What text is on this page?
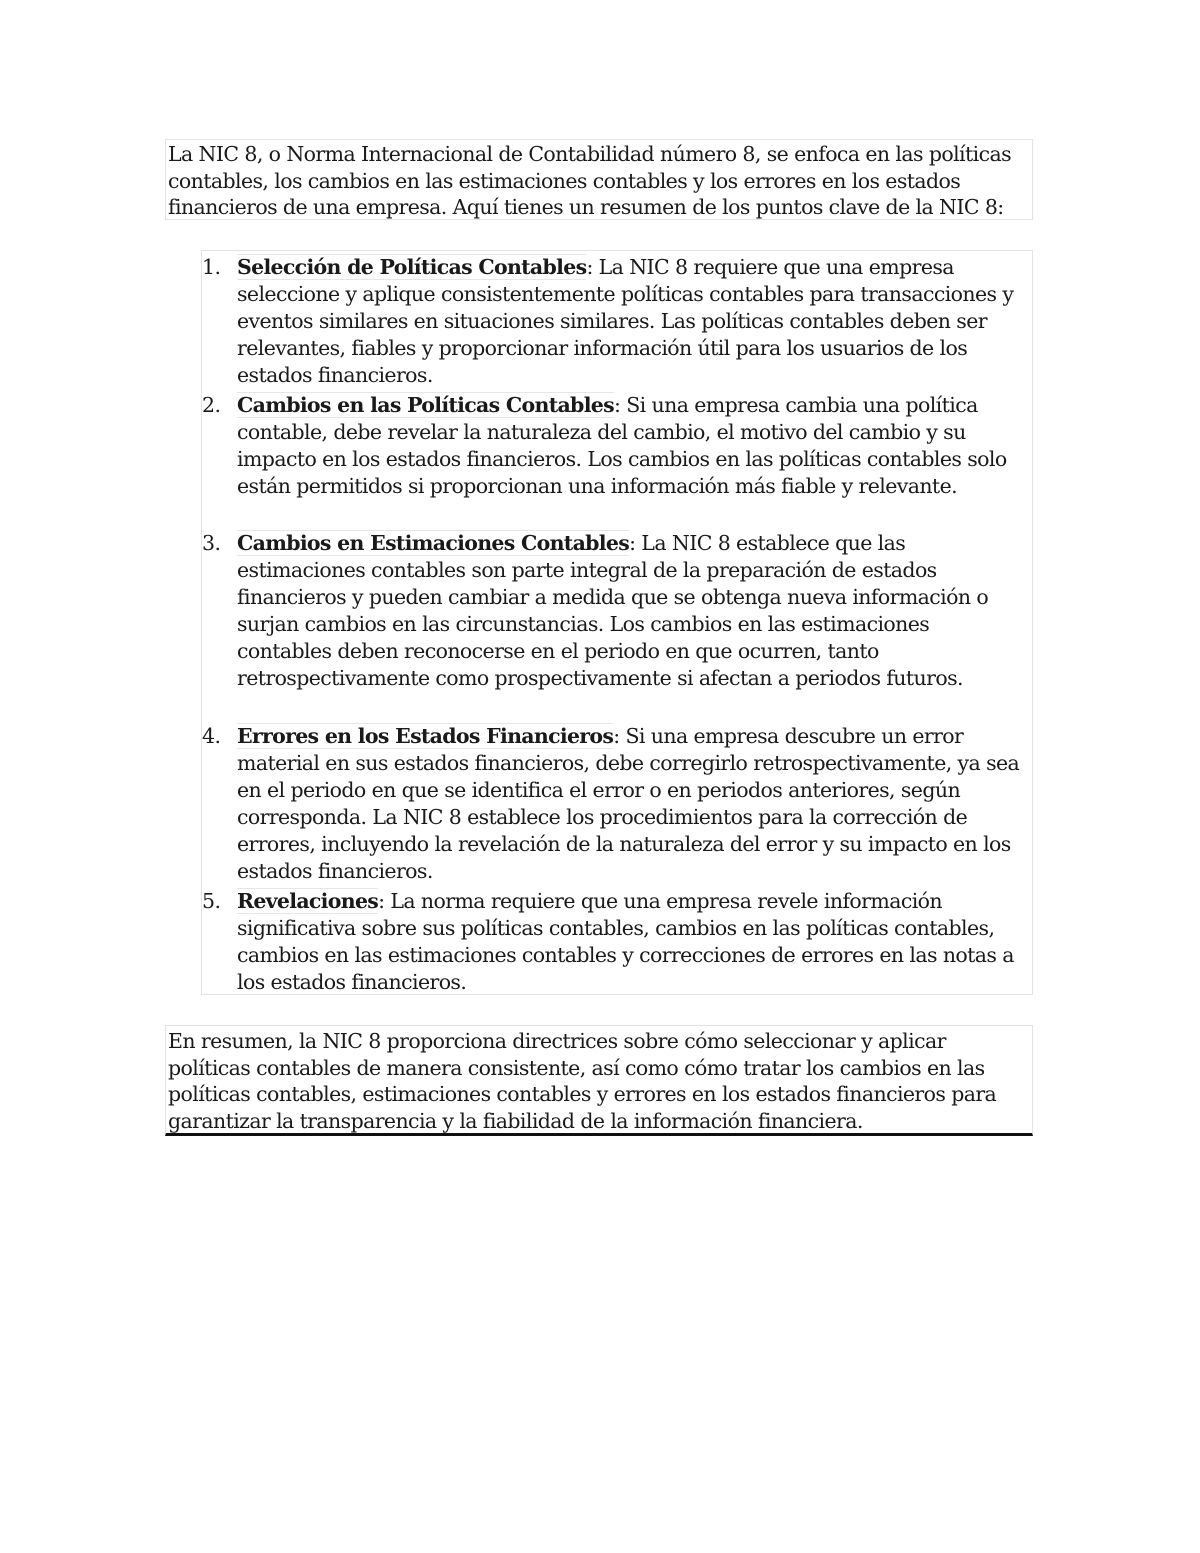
La NIC 8, o Norma Internacional de Contabilidad número 8, se enfoca en las políticas contables, los cambios en las estimaciones contables y los errores en los estados financieros de una empresa. Aquí tienes un resumen de los puntos clave de la NIC 8:
1. Selección de Políticas Contables: La NIC 8 requiere que una empresa seleccione y aplique consistentemente políticas contables para transacciones y eventos similares en situaciones similares. Las políticas contables deben ser relevantes, fiables y proporcionar información útil para los usuarios de los estados financieros.
2. Cambios en las Políticas Contables: Si una empresa cambia una política contable, debe revelar la naturaleza del cambio, el motivo del cambio y su impacto en los estados financieros. Los cambios en las políticas contables solo están permitidos si proporcionan una información más fiable y relevante.
3. Cambios en Estimaciones Contables: La NIC 8 establece que las estimaciones contables son parte integral de la preparación de estados financieros y pueden cambiar a medida que se obtenga nueva información o surjan cambios en las circunstancias. Los cambios en las estimaciones contables deben reconocerse en el periodo en que ocurren, tanto retrospectivamente como prospectivamente si afectan a periodos futuros.
4. Errores en los Estados Financieros: Si una empresa descubre un error material en sus estados financieros, debe corregirlo retrospectivamente, ya sea en el periodo en que se identifica el error o en periodos anteriores, según corresponda. La NIC 8 establece los procedimientos para la corrección de errores, incluyendo la revelación de la naturaleza del error y su impacto en los estados financieros.
5. Revelaciones: La norma requiere que una empresa revele información significativa sobre sus políticas contables, cambios en las políticas contables, cambios en las estimaciones contables y correcciones de errores en las notas a los estados financieros.
En resumen, la NIC 8 proporciona directrices sobre cómo seleccionar y aplicar políticas contables de manera consistente, así como cómo tratar los cambios en las políticas contables, estimaciones contables y errores en los estados financieros para garantizar la transparencia y la fiabilidad de la información financiera.
